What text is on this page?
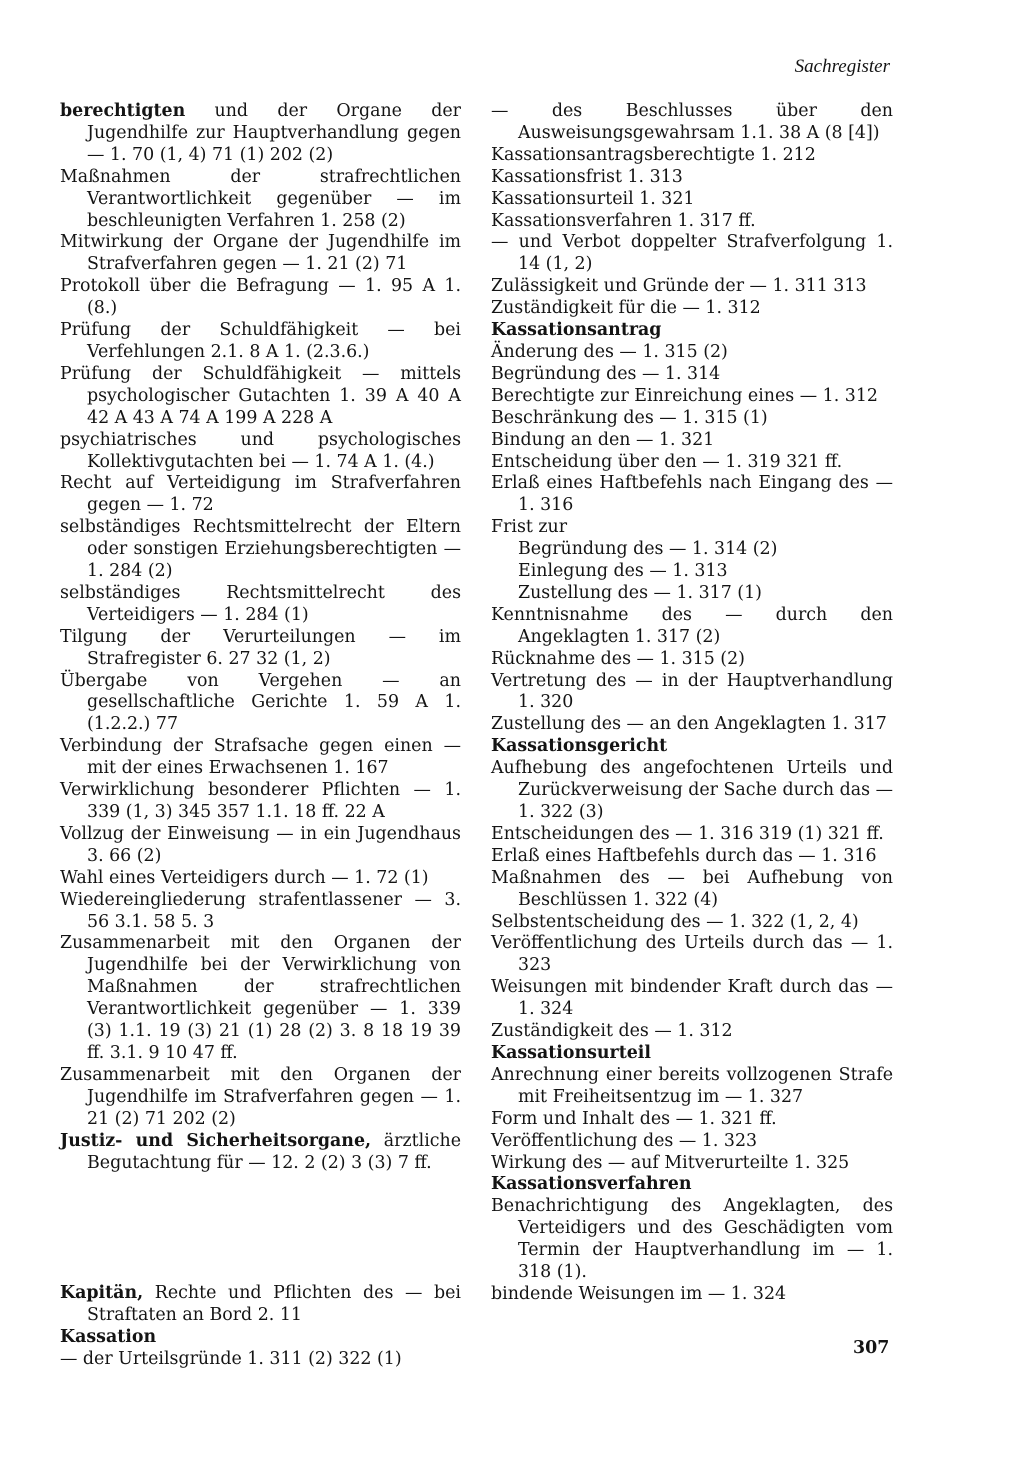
Sachregister

berechtigten und der Organe der Jugendhilfe zur Hauptverhandlung gegen — 1. 70 (1, 4) 71 (1) 202 (2)

Maßnahmen der strafrechtlichen Verantwortlichkeit gegenüber — im beschleunigten Verfahren 1. 258 (2)

Mitwirkung der Organe der Jugendhilfe im Strafverfahren gegen — 1. 21 (2) 71

Protokoll über die Befragung — 1. 95 A 1. (8.)

Prüfung der Schuldfähigkeit — bei Verfehlungen 2.1. 8 A 1. (2.3.6.)

Prüfung der Schuldfähigkeit — mittels psychologischer Gutachten 1. 39 A 40 A 42 A 43 A 74 A 199 A 228 A

psychiatrisches und psychologisches Kollektivgutachten bei — 1. 74 A 1. (4.)

Recht auf Verteidigung im Strafverfahren gegen — 1. 72

selbständiges Rechtsmittelrecht der Eltern oder sonstigen Erziehungsberechtigten — 1. 284 (2)

selbständiges Rechtsmittelrecht des Verteidigers — 1. 284 (1)

Tilgung der Verurteilungen — im Strafregister 6. 27 32 (1, 2)

Übergabe von Vergehen — an gesellschaftliche Gerichte 1. 59 A 1. (1.2.2.) 77

Verbindung der Strafsache gegen einen — mit der eines Erwachsenen 1. 167

Verwirklichung besonderer Pflichten — 1. 339 (1, 3) 345 357 1.1. 18 ff. 22 A

Vollzug der Einweisung — in ein Jugendhaus 3. 66 (2)

Wahl eines Verteidigers durch — 1. 72 (1)

Wiedereingliederung strafentlassener — 3. 56 3.1. 58 5. 3

Zusammenarbeit mit den Organen der Jugendhilfe bei der Verwirklichung von Maßnahmen der strafrechtlichen Verantwortlichkeit gegenüber — 1. 339 (3) 1.1. 19 (3) 21 (1) 28 (2) 3. 8 18 19 39 ff. 3.1. 9 10 47 ff.

Zusammenarbeit mit den Organen der Jugendhilfe im Strafverfahren gegen — 1. 21 (2) 71 202 (2)

Justiz- und Sicherheitsorgane, ärztliche Begutachtung für — 12. 2 (2) 3 (3) 7 ff.

Kapitän, Rechte und Pflichten des — bei Straftaten an Bord 2. 11

Kassation

— der Urteilsgründe 1. 311 (2) 322 (1)

— des Beschlusses über den Ausweisungsgewahrsam 1.1. 38 A (8 [4])

Kassationsantragsberechtigte 1. 212

Kassationsfrist 1. 313

Kassationsurteil 1. 321

Kassationsverfahren 1. 317 ff.

— und Verbot doppelter Strafverfolgung 1. 14 (1, 2)

Zulässigkeit und Gründe der — 1. 311 313

Zuständigkeit für die — 1. 312

Kassationsantrag

Änderung des — 1. 315 (2)

Begründung des — 1. 314

Berechtigte zur Einreichung eines — 1. 312

Beschränkung des — 1. 315 (1)

Bindung an den — 1. 321

Entscheidung über den — 1. 319 321 ff.

Erlaß eines Haftbefehls nach Eingang des — 1. 316

Frist zur

Begründung des — 1. 314 (2)

Einlegung des — 1. 313

Zustellung des — 1. 317 (1)

Kenntnisnahme des — durch den Angeklagten 1. 317 (2)

Rücknahme des — 1. 315 (2)

Vertretung des — in der Hauptverhandlung 1. 320

Zustellung des — an den Angeklagten 1. 317

Kassationsgericht

Aufhebung des angefochtenen Urteils und Zurückverweisung der Sache durch das — 1. 322 (3)

Entscheidungen des — 1. 316 319 (1) 321 ff.

Erlaß eines Haftbefehls durch das — 1. 316

Maßnahmen des — bei Aufhebung von Beschlüssen 1. 322 (4)

Selbstentscheidung des — 1. 322 (1, 2, 4)

Veröffentlichung des Urteils durch das — 1. 323

Weisungen mit bindender Kraft durch das — 1. 324

Zuständigkeit des — 1. 312

Kassationsurteil

Anrechnung einer bereits vollzogenen Strafe mit Freiheitsentzug im — 1. 327

Form und Inhalt des — 1. 321 ff.

Veröffentlichung des — 1. 323

Wirkung des — auf Mitverurteilte 1. 325

Kassationsverfahren

Benachrichtigung des Angeklagten, des Verteidigers und des Geschädigten vom Termin der Hauptverhandlung im — 1. 318 (1).

bindende Weisungen im — 1. 324

307
